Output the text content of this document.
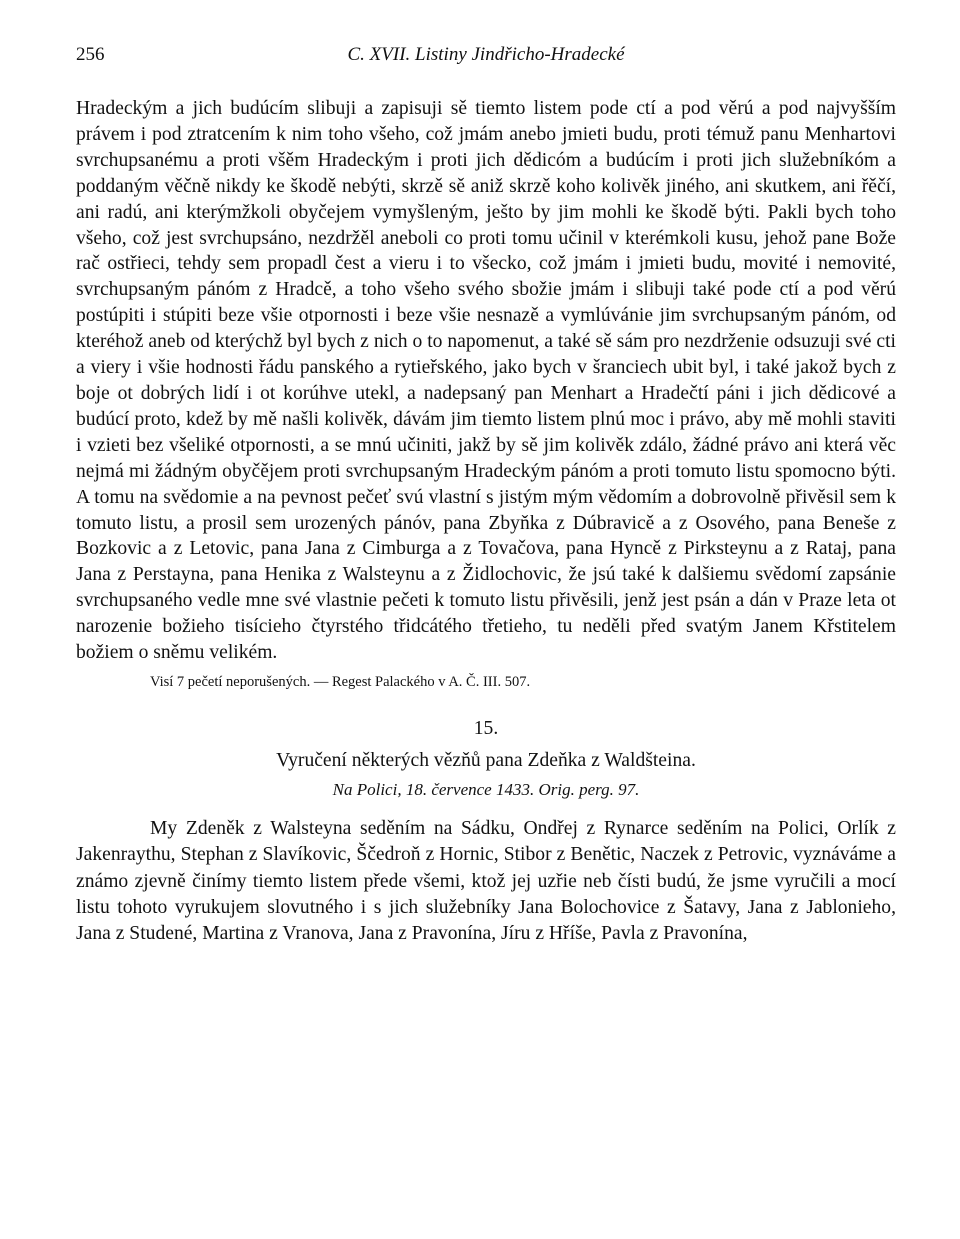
256	C. XVII. Listiny Jindřicho-Hradecké

Hradeckým a jich budúcím slibuji a zapisuji sě tiemto listem pode ctí a pod věrú a pod najvyšším právem i pod ztratcením k nim toho všeho, což jmám anebo jmieti budu, proti témuž panu Menhartovi svrchupsanému a proti všěm Hradeckým i proti jich dědicóm a budúcím i proti jich služebníkóm a poddaným věčně nikdy ke škodě nebýti, skrzě sě aniž skrzě koho kolivěk jiného, ani skutkem, ani řěčí, ani radú, ani kterýmžkoli obyčejem vymyšleným, ješto by jim mohli ke škodě býti. Pakli bych toho všeho, což jest svrchupsáno, nezdržěl aneboli co proti tomu učinil v kterémkoli kusu, jehož pane Bože rač ostřieci, tehdy sem propadl čest a vieru i to všecko, což jmám i jmieti budu, movité i nemovité, svrchupsaným pánóm z Hradcě, a toho všeho svého sbožie jmám i slibuji také pode ctí a pod věrú postúpiti i stúpiti beze všie otpornosti i beze všie nesnazě a vymlúvánie jim svrchupsaným pánóm, od kteréhož aneb od kterýchž byl bych z nich o to napomenut, a také sě sám pro nezdrženie odsuzuji své cti a viery i všie hodnosti řádu panského a rytieřského, jako bych v šranciech ubit byl, i také jakož bych z boje ot dobrých lidí i ot korúhve utekl, a nadepsaný pan Menhart a Hradečtí páni i jich dědicové a budúcí proto, kdež by mě našli kolivěk, dávám jim tiemto listem plnú moc i právo, aby mě mohli staviti i vzieti bez všeliké otpornosti, a se mnú učiniti, jakž by sě jim kolivěk zdálo, žádné právo ani která věc nejmá mi žádným obyčějem proti svrchupsaným Hradeckým pánóm a proti tomuto listu spomocno býti. A tomu na svědomie a na pevnost pečeť svú vlastní s jistým mým vědomím a dobrovolně přivěsil sem k tomuto listu, a prosil sem urozených pánóv, pana Zbyňka z Dúbravicě a z Osového, pana Beneše z Bozkovic a z Letovic, pana Jana z Cimburga a z Tovačova, pana Hyncě z Pirksteynu a z Rataj, pana Jana z Perstayna, pana Henika z Walsteynu a z Židlochovic, že jsú také k dalšiemu svědomí zapsánie svrchupsaného vedle mne své vlastnie pečeti k tomuto listu přivěsili, jenž jest psán a dán v Praze leta ot narozenie božieho tisícieho čtyrstého třidcátého třetieho, tu neděli před svatým Janem Křstitelem božiem o sněmu velikém.

Visí 7 pečetí neporušených. — Regest Palackého v A. Č. III. 507.

15.
Vyručení některých vězňů pana Zdeňka z Waldšteina.
Na Polici, 18. července 1433. Orig. perg. 97.

My Zdeněk z Walsteyna seděním na Sádku, Ondřej z Rynarce seděním na Polici, Orlík z Jakenraythu, Stephan z Slavíkovic, Ščedroň z Hornic, Stibor z Benětic, Naczek z Petrovic, vyznáváme a známo zjevně činímy tiemto listem přede všemi, ktož jej uzřie neb čísti budú, že jsme vyručili a mocí listu tohoto vyrukujem slovutného i s jich služebníky Jana Bolochovice z Šatavy, Jana z Jablonieho, Jana z Studené, Martina z Vranova, Jana z Pravonína, Jíru z Hříše, Pavla z Pravonína,
